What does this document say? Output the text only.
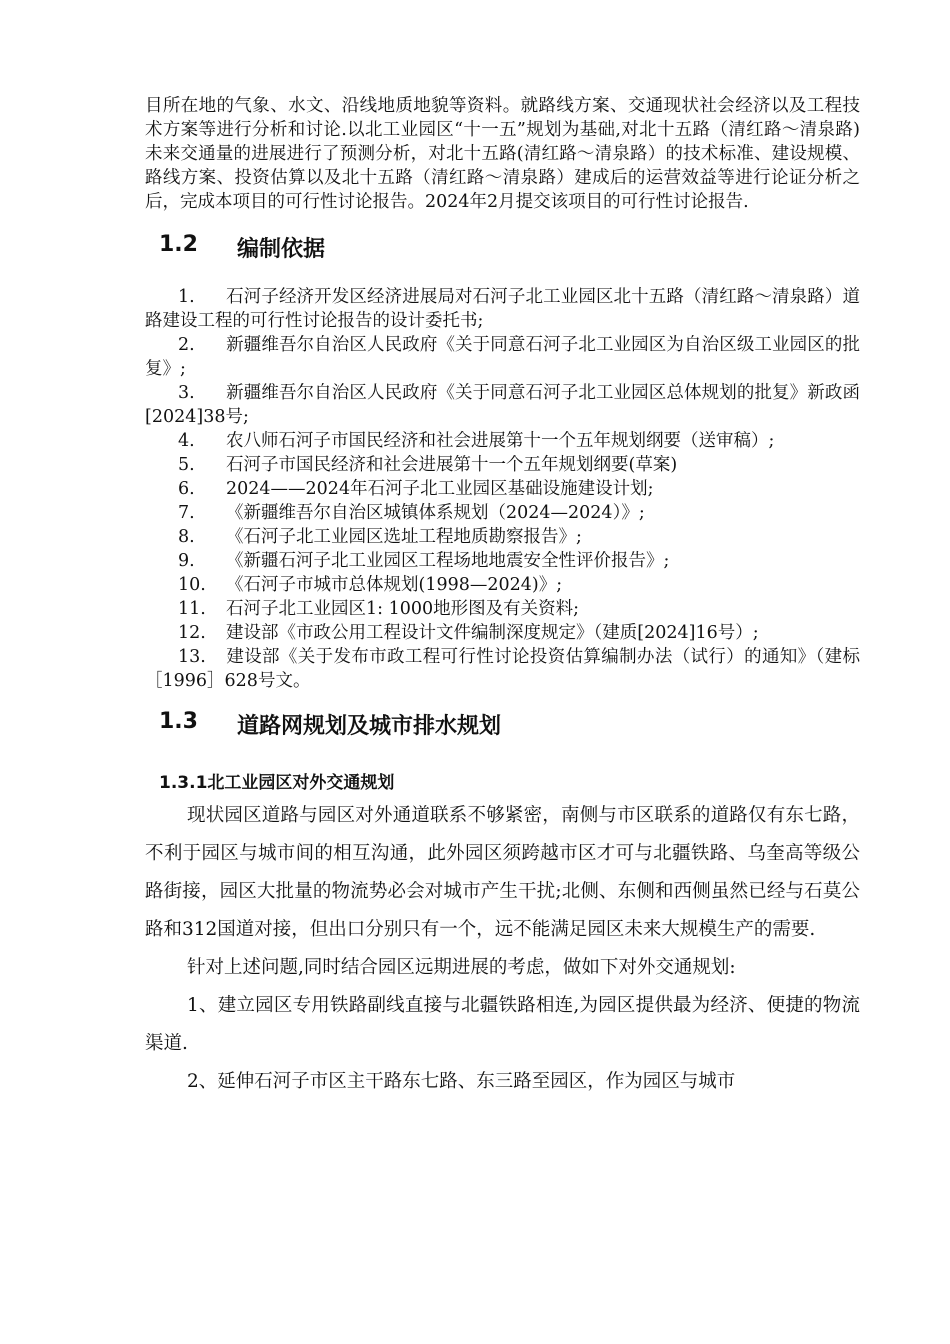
目所在地的气象、水文、沿线地质地貌等资料。就路线方案、交通现状社会经济以及工程技术方案等进行分析和讨论.以北工业园区“十一五”规划为基础,对北十五路（清红路～清泉路)未来交通量的进展进行了预测分析，对北十五路(清红路～清泉路）的技术标准、建设规模、路线方案、投资估算以及北十五路（清红路～清泉路）建成后的运营效益等进行论证分析之后，完成本项目的可行性讨论报告。2024年2月提交该项目的可行性讨论报告.

1.2	编制依据
1. 石河子经济开发区经济进展局对石河子北工业园区北十五路（清红路～清泉路）道路建设工程的可行性讨论报告的设计委托书;
2. 新疆维吾尔自治区人民政府《关于同意石河子北工业园区为自治区级工业园区的批复》;
3. 新疆维吾尔自治区人民政府《关于同意石河子北工业园区总体规划的批复》新政函[2024]38号;
4. 农八师石河子市国民经济和社会进展第十一个五年规划纲要（送审稿）;
5. 石河子市国民经济和社会进展第十一个五年规划纲要(草案)
6. 2024——2024年石河子北工业园区基础设施建设计划;
7. 《新疆维吾尔自治区城镇体系规划（2024—2024）》;
8. 《石河子北工业园区选址工程地质勘察报告》;
9. 《新疆石河子北工业园区工程场地地震安全性评价报告》;
10. 《石河子市城市总体规划(1998—2024)》;
11. 石河子北工业园区1: 1000地形图及有关资料;
12. 建设部《市政公用工程设计文件编制深度规定》（建质[2024]16号）;
13. 建设部《关于发布市政工程可行性讨论投资估算编制办法（试行）的通知》（建标［1996］628号文。
1.3	道路网规划及城市排水规划
1.3.1北工业园区对外交通规划

现状园区道路与园区对外通道联系不够紧密，南侧与市区联系的道路仅有东七路，不利于园区与城市间的相互沟通，此外园区须跨越市区才可与北疆铁路、乌奎高等级公路街接，园区大批量的物流势必会对城市产生干扰;北侧、东侧和西侧虽然已经与石莫公路和312国道对接，但出口分别只有一个，远不能满足园区未来大规模生产的需要.

针对上述问题,同时结合园区远期进展的考虑，做如下对外交通规划:

1、建立园区专用铁路副线直接与北疆铁路相连,为园区提供最为经济、便捷的物流渠道.

2、延伸石河子市区主干路东七路、东三路至园区，作为园区与城市
